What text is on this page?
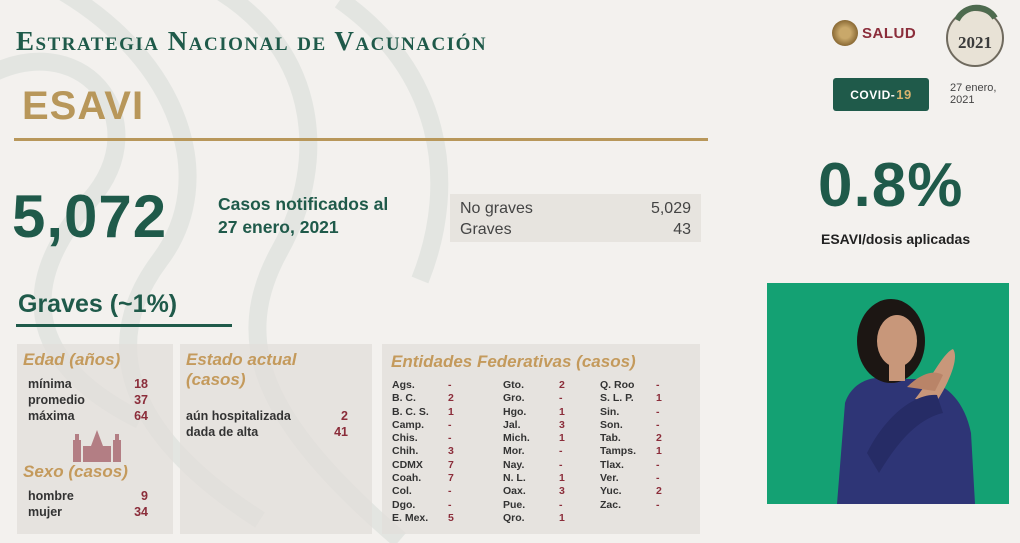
Estrategia Nacional de Vacunación
ESAVI
5,072	Casos notificados al
27 enero, 2021
No graves	5,029
Graves	43
Graves (~1%)
Edad (años)
mínima	18
promedio	37
máxima	64
Sexo (casos)
hombre	9
mujer	34
Estado actual
(casos)
aún hospitalizada	2
dada de alta	41
Entidades Federativas (casos)
Ags.	-
B. C.	2
B. C. S.	1
Camp.	-
Chis.	-
Chih.	3
CDMX	7
Coah.	7
Col.	-
Dgo.	-
E. Mex.	5
Gto.	2
Gro.	-
Hgo.	1
Jal.	3
Mich.	1
Mor.	-
Nay.	-
N. L.	1
Oax.	3
Pue.	-
Qro.	1
Q. Roo	-
S. L. P.	1
Sin.	-
Son.	-
Tab.	2
Tamps.	1
Tlax.	-
Ver.	-
Yuc.	2
Zac.	-
SALUD 2021
COVID- 19	27 enero,
2021
0.8%
ESAVI/dosis aplicadas
